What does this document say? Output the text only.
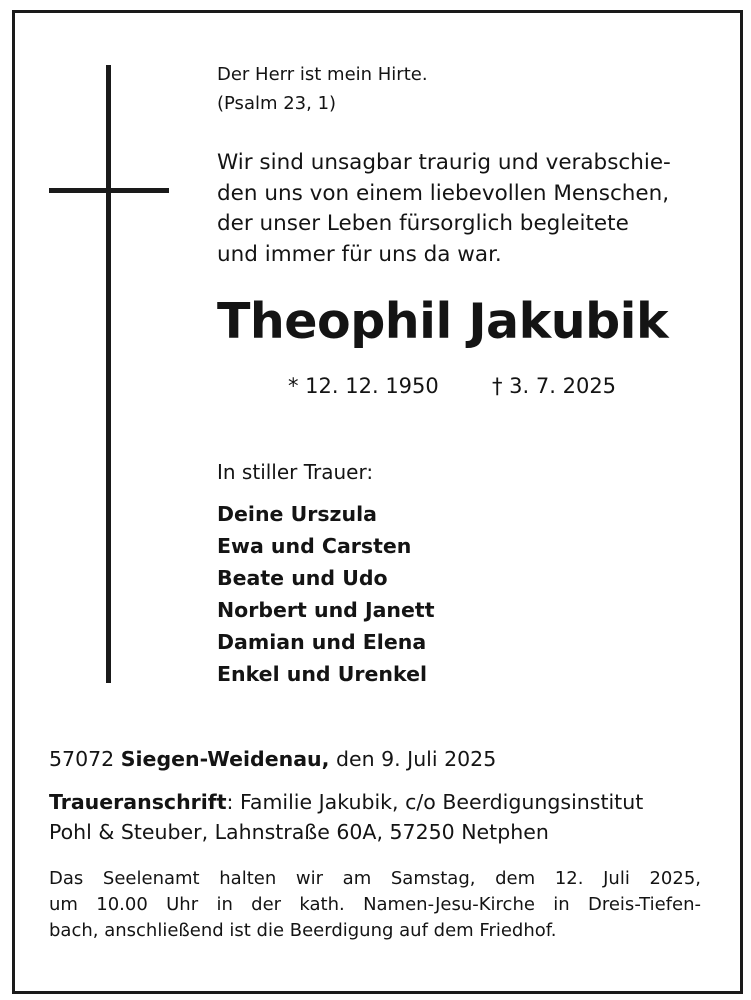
Der Herr ist mein Hirte.
(Psalm 23, 1)
Wir sind unsagbar traurig und verabschie-
den uns von einem liebevollen Menschen,
der unser Leben fürsorglich begleitete
und immer für uns da war.
Theophil Jakubik
* 12. 12. 1950	† 3. 7. 2025
In stiller Trauer:
Deine Urszula
Ewa und Carsten
Beate und Udo
Norbert und Janett
Damian und Elena
Enkel und Urenkel
57072 Siegen-Weidenau, den 9. Juli 2025
Traueranschrift: Familie Jakubik, c/o Beerdigungsinstitut
Pohl & Steuber, Lahnstraße 60A, 57250 Netphen
Das Seelenamt halten wir am Samstag, dem 12. Juli 2025,
um 10.00 Uhr in der kath. Namen-Jesu-Kirche in Dreis-Tiefen-
bach, anschließend ist die Beerdigung auf dem Friedhof.
